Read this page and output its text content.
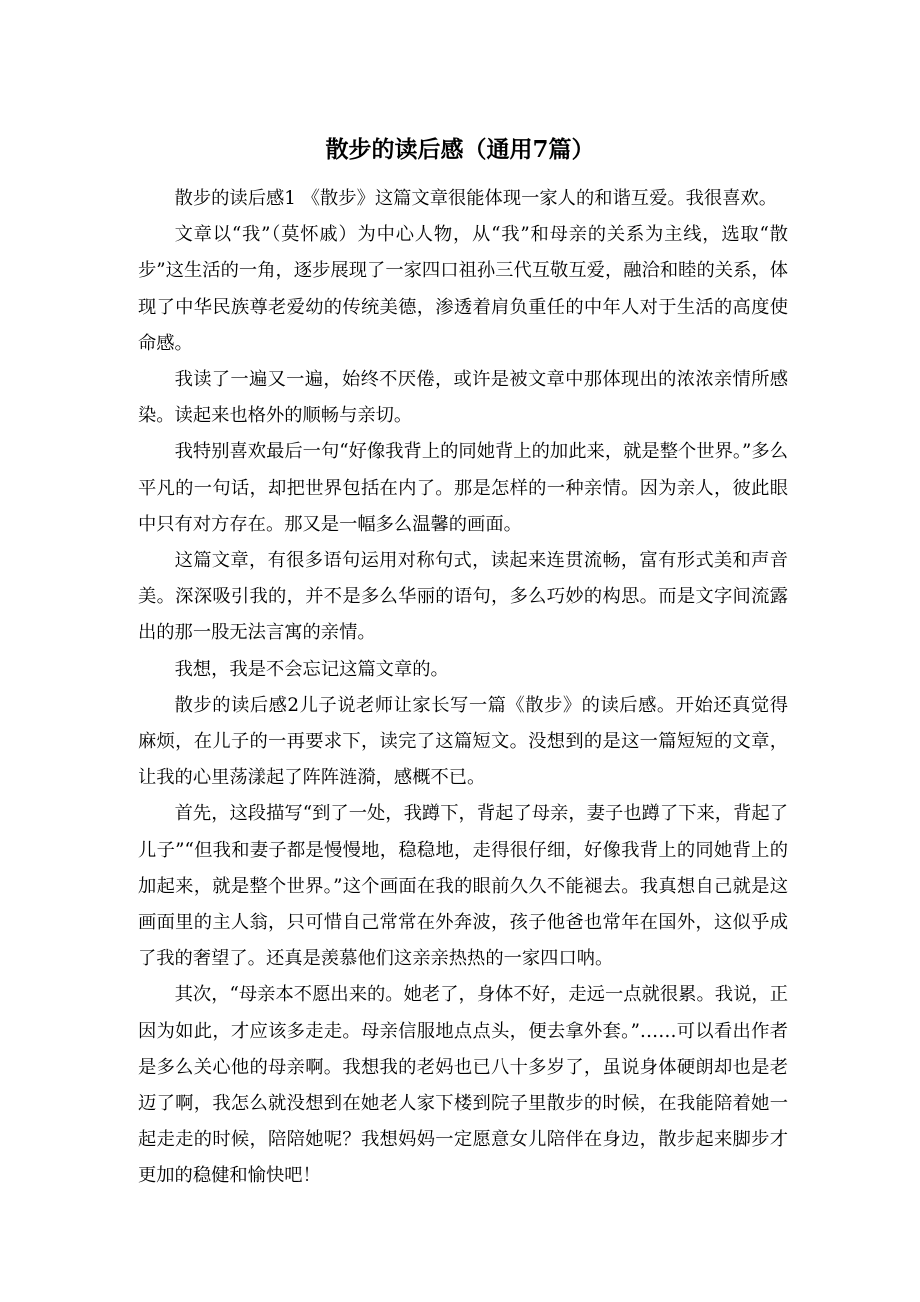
散步的读后感（通用7篇）

散步的读后感1 《散步》这篇文章很能体现一家人的和谐互爱。我很喜欢。

文章以“我”（莫怀戚）为中心人物，从“我”和母亲的关系为主线，选取“散步”这生活的一角，逐步展现了一家四口祖孙三代互敬互爱，融洽和睦的关系，体现了中华民族尊老爱幼的传统美德，渗透着肩负重任的中年人对于生活的高度使命感。

我读了一遍又一遍，始终不厌倦，或许是被文章中那体现出的浓浓亲情所感染。读起来也格外的顺畅与亲切。

我特别喜欢最后一句“好像我背上的同她背上的加此来，就是整个世界。”多么平凡的一句话，却把世界包括在内了。那是怎样的一种亲情。因为亲人，彼此眼中只有对方存在。那又是一幅多么温馨的画面。

这篇文章，有很多语句运用对称句式，读起来连贯流畅，富有形式美和声音美。深深吸引我的，并不是多么华丽的语句，多么巧妙的构思。而是文字间流露出的那一股无法言寓的亲情。

我想，我是不会忘记这篇文章的。

散步的读后感2儿子说老师让家长写一篇《散步》的读后感。开始还真觉得麻烦，在儿子的一再要求下，读完了这篇短文。没想到的是这一篇短短的文章，让我的心里荡漾起了阵阵涟漪，感概不已。

首先，这段描写“到了一处，我蹲下，背起了母亲，妻子也蹲了下来，背起了儿子”“但我和妻子都是慢慢地，稳稳地，走得很仔细，好像我背上的同她背上的加起来，就是整个世界。”这个画面在我的眼前久久不能褪去。我真想自己就是这画面里的主人翁，只可惜自己常常在外奔波，孩子他爸也常年在国外，这似乎成了我的奢望了。还真是羡慕他们这亲亲热热的一家四口呐。

其次，“母亲本不愿出来的。她老了，身体不好，走远一点就很累。我说，正因为如此，才应该多走走。母亲信服地点点头，便去拿外套。”……可以看出作者是多么关心他的母亲啊。我想我的老妈也已八十多岁了，虽说身体硬朗却也是老迈了啊，我怎么就没想到在她老人家下楼到院子里散步的时候，在我能陪着她一起走走的时候，陪陪她呢？我想妈妈一定愿意女儿陪伴在身边，散步起来脚步才更加的稳健和愉快吧！
